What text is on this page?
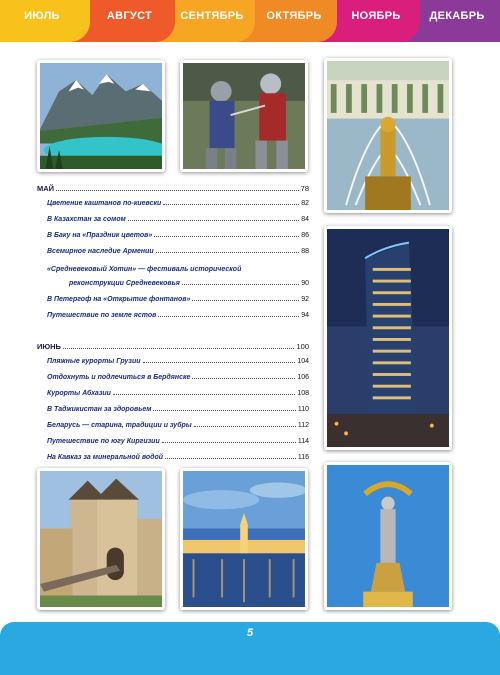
ИЮЛЬ	АВГУСТ	СЕНТЯБРЬ ОКТЯБРЬ	НОЯБРЬ	ДЕКАБРЬ
МАЙ	78
Цветение каштанов по-киевски	82
В Казахстан за сомом	84
В Баку на «Праздник цветов»	86
Всемирное наследие Армении	88
«Средневековый Хотин» — фестиваль исторической
реконструкции Средневековья	90
В Петергоф на «Открытие фонтанов»	92
Путешествие по земле ястов	94
ИЮНЬ	100
Пляжные курорты Грузии	104
Отдохнуть и подлечиться в Бердянске	106
Курорты Абхазии	108
В Таджикистан за здоровьем	110
Беларусь — старина, традиции и зубры	112
Путешествие по югу Киргизии	114
На Кавказ за минеральной водой	116
5
